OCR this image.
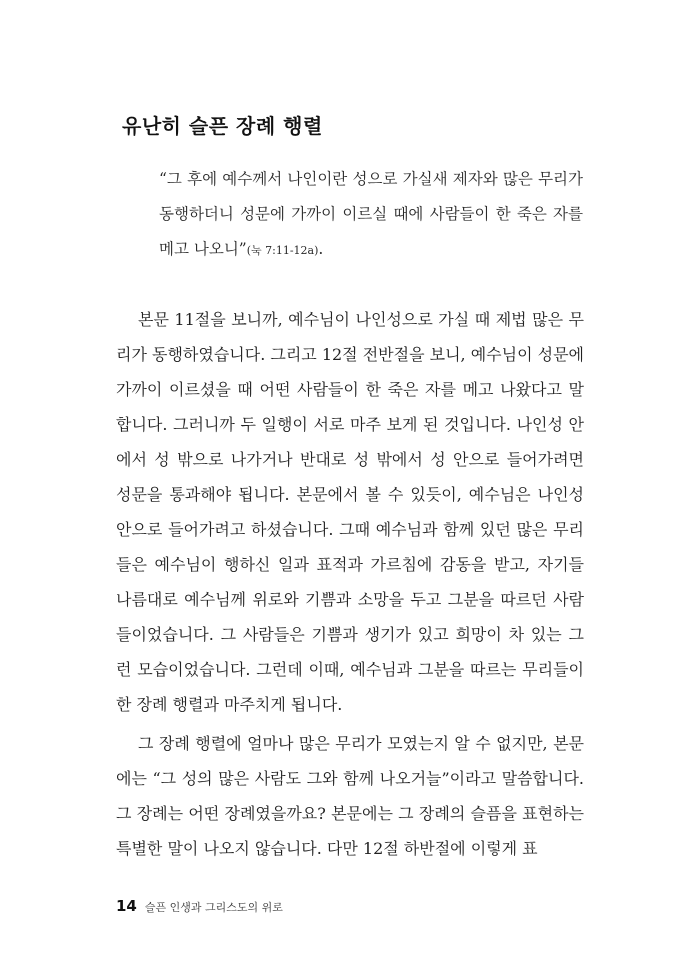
유난히 슬픈 장례 행렬

“그 후에 예수께서 나인이란 성으로 가실새 제자와 많은 무리가 동행하더니 성문에 가까이 이르실 때에 사람들이 한 죽은 자를 메고 나오니”(눅 7:11-12a).

본문 11절을 보니까, 예수님이 나인성으로 가실 때 제법 많은 무리가 동행하였습니다. 그리고 12절 전반절을 보니, 예수님이 성문에 가까이 이르셨을 때 어떤 사람들이 한 죽은 자를 메고 나왔다고 말합니다. 그러니까 두 일행이 서로 마주 보게 된 것입니다. 나인성 안에서 성 밖으로 나가거나 반대로 성 밖에서 성 안으로 들어가려면 성문을 통과해야 됩니다. 본문에서 볼 수 있듯이, 예수님은 나인성 안으로 들어가려고 하셨습니다. 그때 예수님과 함께 있던 많은 무리들은 예수님이 행하신 일과 표적과 가르침에 감동을 받고, 자기들 나름대로 예수님께 위로와 기쁨과 소망을 두고 그분을 따르던 사람들이었습니다. 그 사람들은 기쁨과 생기가 있고 희망이 차 있는 그런 모습이었습니다. 그런데 이때, 예수님과 그분을 따르는 무리들이 한 장례 행렬과 마주치게 됩니다.

그 장례 행렬에 얼마나 많은 무리가 모였는지 알 수 없지만, 본문에는 “그 성의 많은 사람도 그와 함께 나오거늘”이라고 말씀합니다. 그 장례는 어떤 장례였을까요? 본문에는 그 장례의 슬픔을 표현하는 특별한 말이 나오지 않습니다. 다만 12절 하반절에 이렇게 표

14 슬픈 인생과 그리스도의 위로
